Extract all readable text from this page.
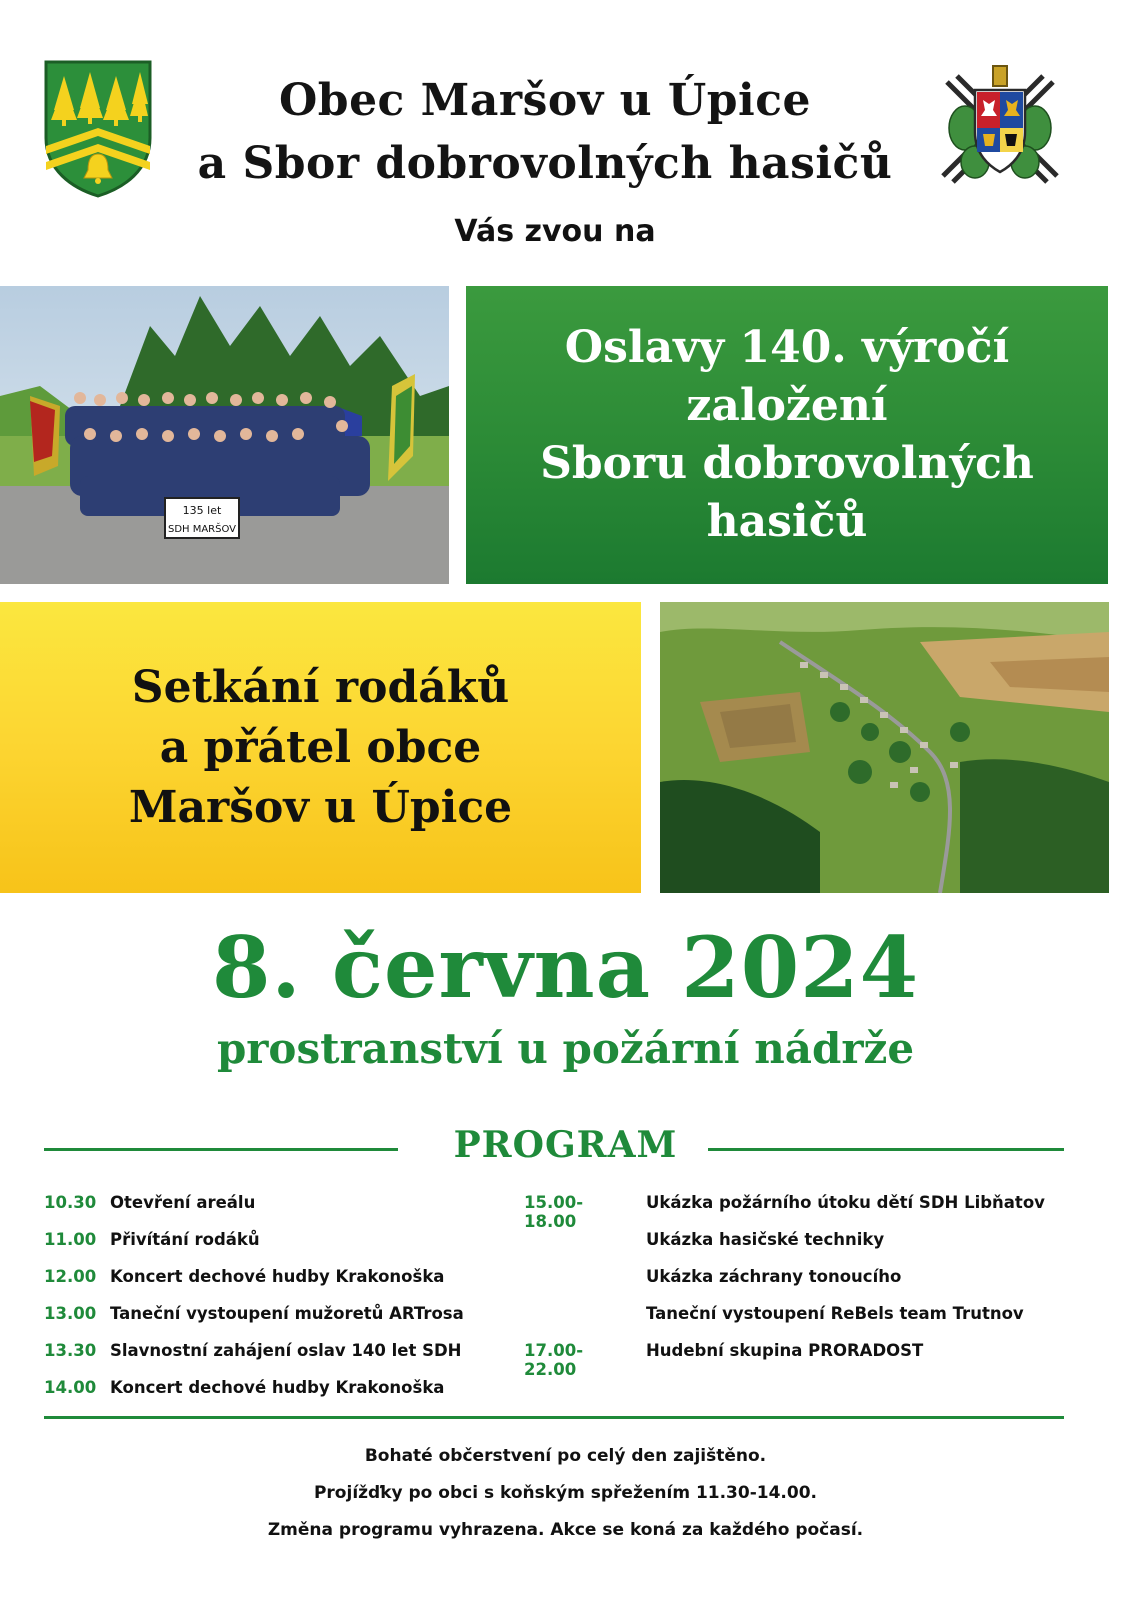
Obec Maršov u Úpice
a Sbor dobrovolných hasičů
Vás zvou na
135 let
SDH MARŠOV
Oslavy 140. výročí
založení
Sboru dobrovolných
hasičů
Setkání rodáků
a přátel obce
Maršov u Úpice
8. června 2024
prostranství u požární nádrže
PROGRAM
10.30 Otevření areálu
11.00 Přivítání rodáků
12.00 Koncert dechové hudby Krakonoška
13.00 Taneční vystoupení mužoretů ARTrosa
13.30 Slavnostní zahájení oslav 140 let SDH
14.00 Koncert dechové hudby Krakonoška
15.00-18.00
Ukázka požárního útoku dětí SDH Libňatov
Ukázka hasičské techniky
Ukázka záchrany tonoucího
Taneční vystoupení ReBels team Trutnov
17.00-22.00
Hudební skupina PRORADOST
Bohaté občerstvení po celý den zajištěno.
Projížďky po obci s koňským spřežením 11.30-14.00.
Změna programu vyhrazena. Akce se koná za každého počasí.
